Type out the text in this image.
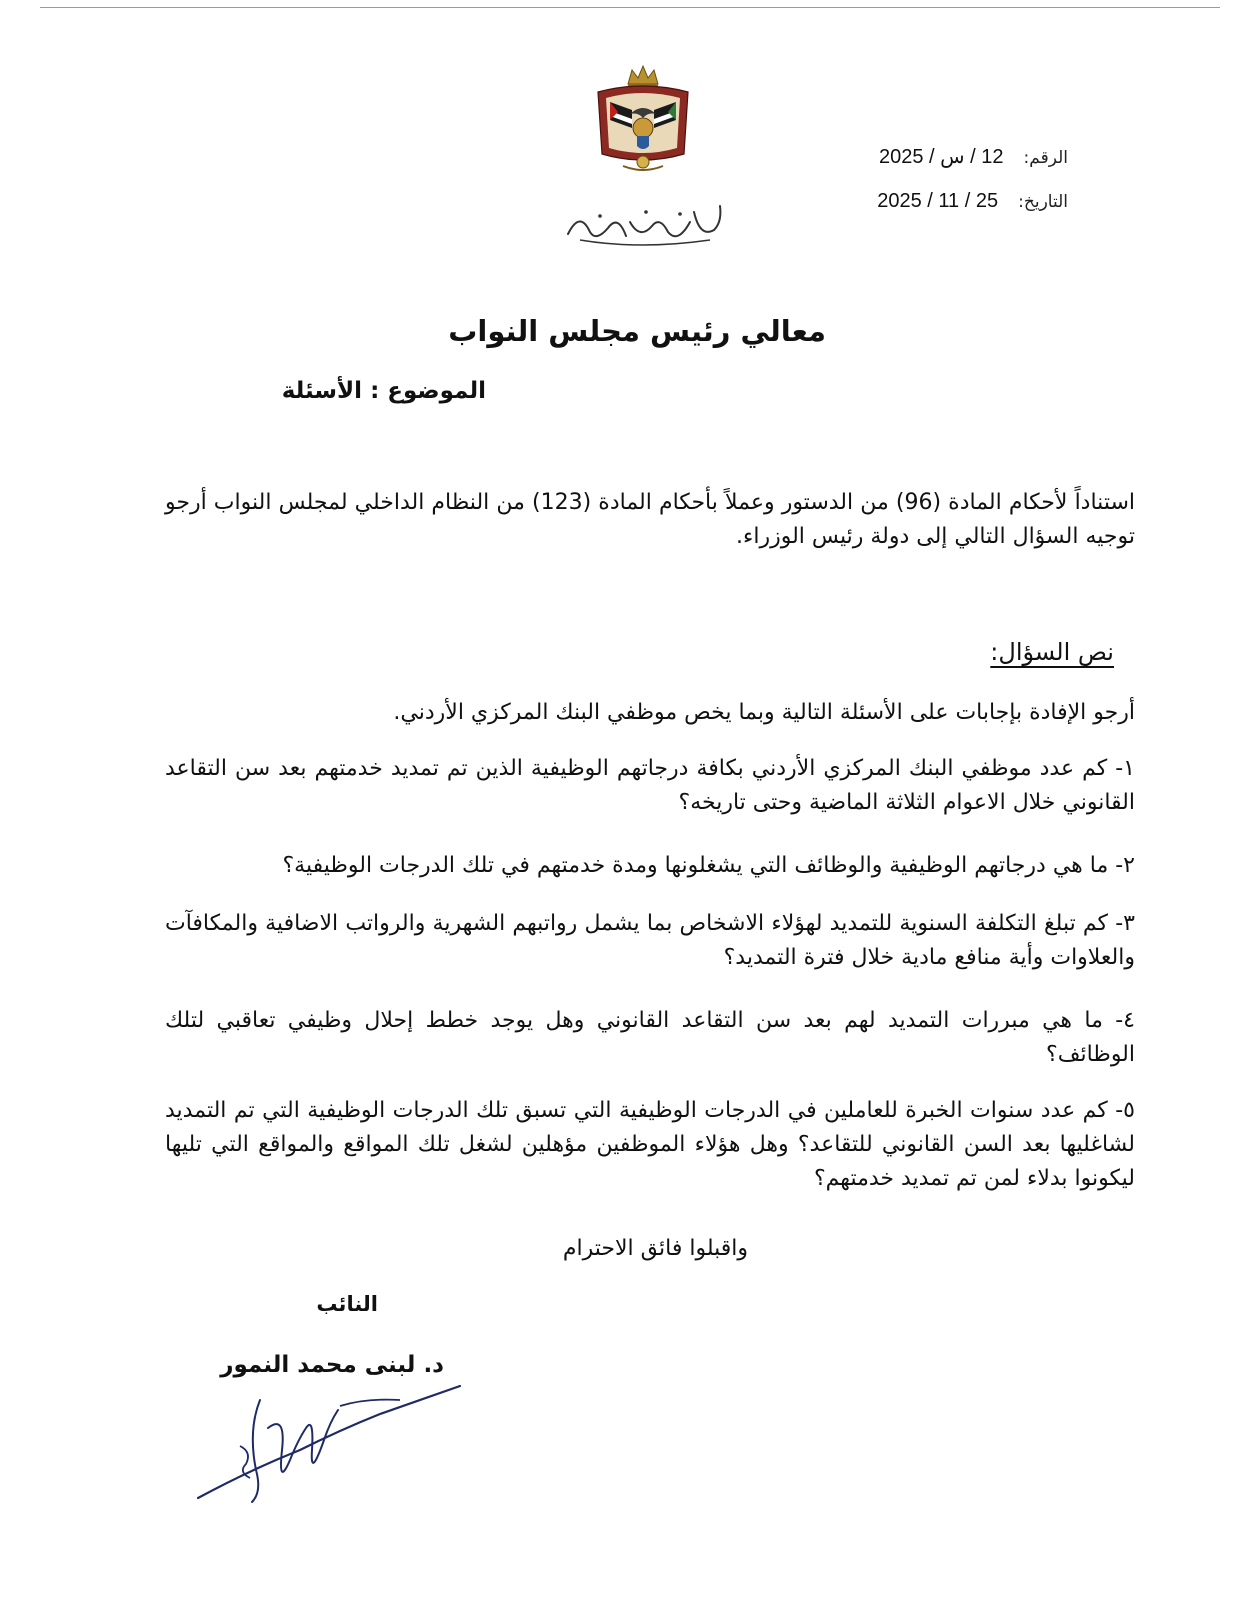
الرقم: 12 / س / 2025
التاريخ: 25 / 11 / 2025
معالي رئيس مجلس النواب
الموضوع : الأسئلة
استناداً لأحكام المادة (96) من الدستور وعملاً بأحكام المادة (123) من النظام الداخلي لمجلس النواب أرجو توجيه السؤال التالي إلى دولة رئيس الوزراء.
نص السؤال:
أرجو الإفادة بإجابات على الأسئلة التالية وبما يخص موظفي البنك المركزي الأردني.
١- كم عدد موظفي البنك المركزي الأردني بكافة درجاتهم الوظيفية الذين تم تمديد خدمتهم بعد سن التقاعد القانوني خلال الاعوام الثلاثة الماضية وحتى تاريخه؟
٢- ما هي درجاتهم الوظيفية والوظائف التي يشغلونها ومدة خدمتهم في تلك الدرجات الوظيفية؟
٣- كم تبلغ التكلفة السنوية للتمديد لهؤلاء الاشخاص بما يشمل رواتبهم الشهرية والرواتب الاضافية والمكافآت والعلاوات وأية منافع مادية خلال فترة التمديد؟
٤- ما هي مبررات التمديد لهم بعد سن التقاعد القانوني وهل يوجد خطط إحلال وظيفي تعاقبي لتلك الوظائف؟
٥- كم عدد سنوات الخبرة للعاملين في الدرجات الوظيفية التي تسبق تلك الدرجات الوظيفية التي تم التمديد لشاغليها بعد السن القانوني للتقاعد؟ وهل هؤلاء الموظفين مؤهلين لشغل تلك المواقع والمواقع التي تليها ليكونوا بدلاء لمن تم تمديد خدمتهم؟
واقبلوا فائق الاحترام
النائب
د. لبنى محمد النمور
